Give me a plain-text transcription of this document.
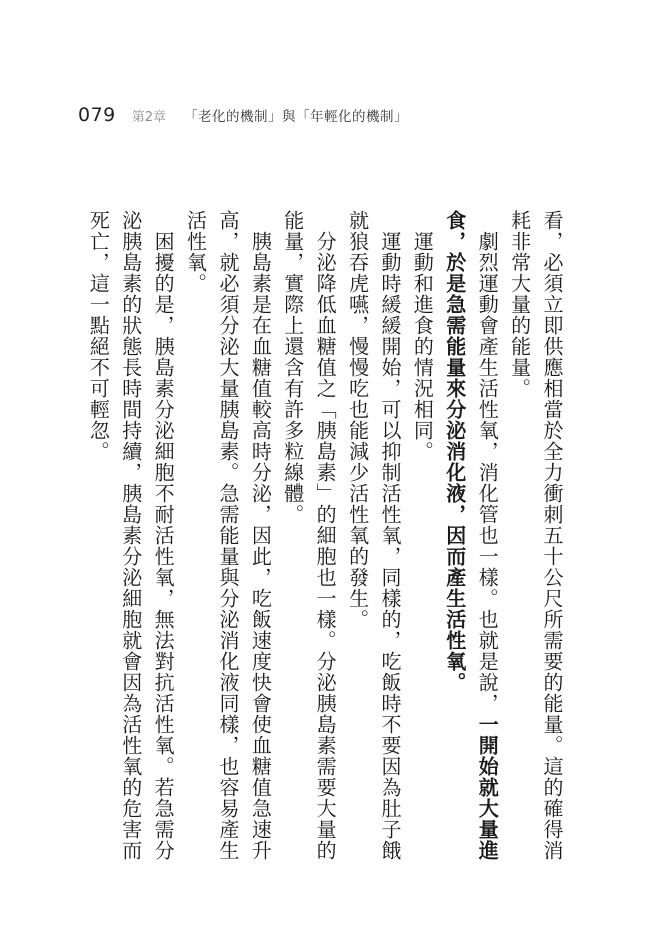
079 第2章 「老化的機制」與「年輕化的機制」

看，必須立即供應相當於全力衝刺五十公尺所需要的能量。這的確得消耗非常大量的能量。

劇烈運動會產生活性氧，消化管也一樣。也就是說，一開始就大量進食，於是急需能量來分泌消化液，因而產生活性氧。

運動和進食的情況相同。

運動時緩緩開始，可以抑制活性氧，同樣的，吃飯時不要因為肚子餓就狼吞虎嚥，慢慢吃也能減少活性氧的發生。

分泌降低血糖值之「胰島素」的細胞也一樣。分泌胰島素需要大量的能量，實際上還含有許多粒線體。

胰島素是在血糖值較高時分泌，因此，吃飯速度快會使血糖值急速升高，就必須分泌大量胰島素。急需能量與分泌消化液同樣，也容易產生活性氧。

困擾的是，胰島素分泌細胞不耐活性氧，無法對抗活性氧。若急需分泌胰島素的狀態長時間持續，胰島素分泌細胞就會因為活性氧的危害而死亡，這一點絕不可輕忽。
